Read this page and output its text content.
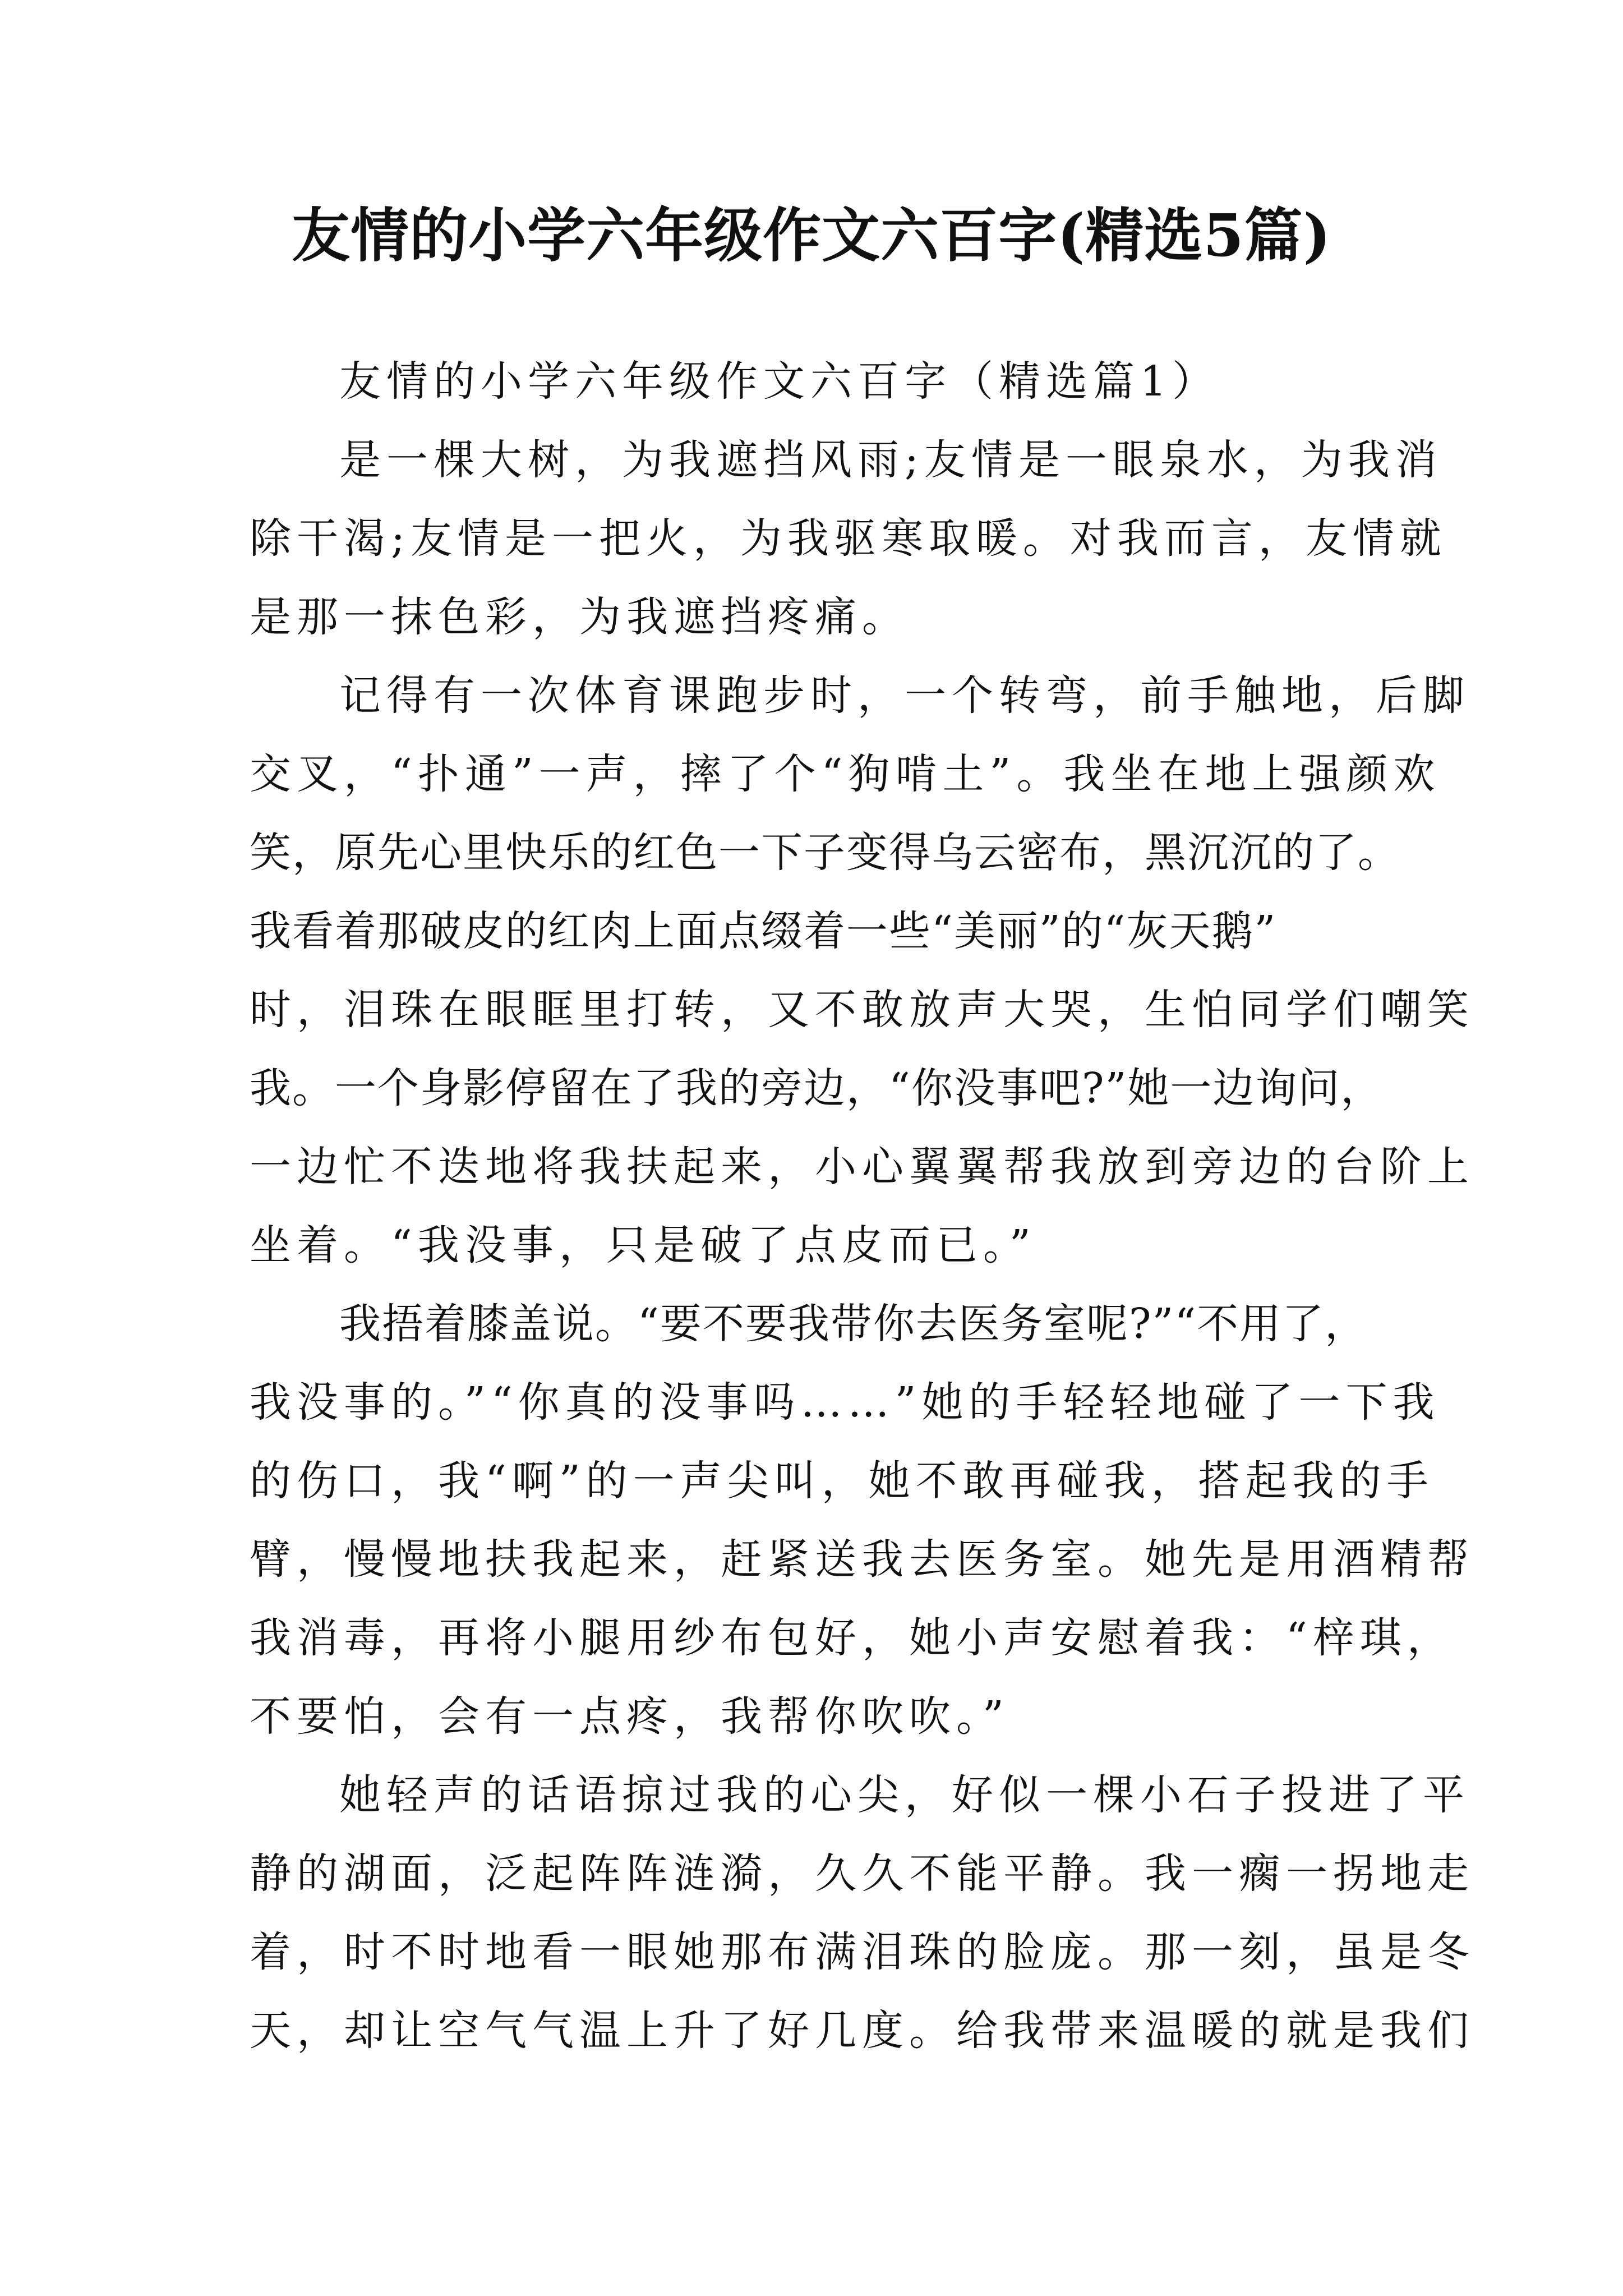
友情的小学六年级作文六百字(精选5篇)
友情的小学六年级作文六百字（精选篇1）
是一棵大树，为我遮挡风雨;友情是一眼泉水，为我消
除干渴;友情是一把火，为我驱寒取暖。对我而言，友情就
是那一抹色彩，为我遮挡疼痛。
记得有一次体育课跑步时，一个转弯，前手触地，后脚
交叉，“扑通”一声，摔了个“狗啃土”。我坐在地上强颜欢
笑，原先心里快乐的红色一下子变得乌云密布，黑沉沉的了。
我看着那破皮的红肉上面点缀着一些“美丽”的“灰天鹅”
时，泪珠在眼眶里打转，又不敢放声大哭，生怕同学们嘲笑
我。一个身影停留在了我的旁边，“你没事吧?”她一边询问，
一边忙不迭地将我扶起来，小心翼翼帮我放到旁边的台阶上
坐着。“我没事，只是破了点皮而已。”
我捂着膝盖说。“要不要我带你去医务室呢?”“不用了，
我没事的。”“你真的没事吗……”她的手轻轻地碰了一下我
的伤口，我“啊”的一声尖叫，她不敢再碰我，搭起我的手
臂，慢慢地扶我起来，赶紧送我去医务室。她先是用酒精帮
我消毒，再将小腿用纱布包好，她小声安慰着我：“梓琪，
不要怕，会有一点疼，我帮你吹吹。”
她轻声的话语掠过我的心尖，好似一棵小石子投进了平
静的湖面，泛起阵阵涟漪，久久不能平静。我一瘸一拐地走
着，时不时地看一眼她那布满泪珠的脸庞。那一刻，虽是冬
天，却让空气气温上升了好几度。给我带来温暖的就是我们
